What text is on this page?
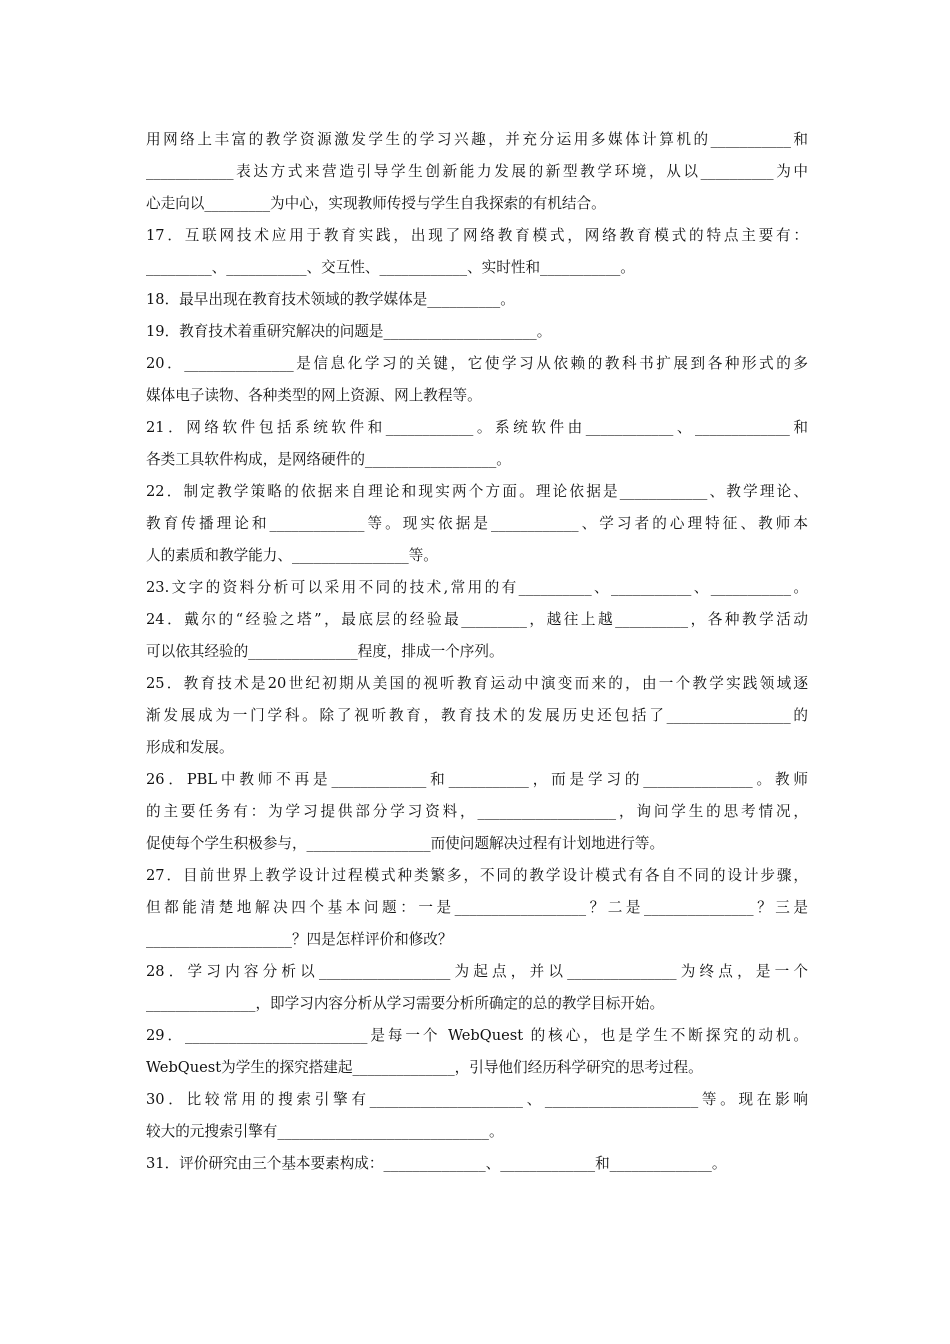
用网络上丰富的教学资源激发学生的学习兴趣，并充分运用多媒体计算机的___________和
____________表达方式来营造引导学生创新能力发展的新型教学环境，从以__________为中
心走向以_________为中心，实现教师传授与学生自我探索的有机结合。
17．互联网技术应用于教育实践，出现了网络教育模式，网络教育模式的特点主要有：
_________、___________、交互性、____________、实时性和___________。
18．最早出现在教育技术领域的教学媒体是__________。
19．教育技术着重研究解决的问题是_____________________。
20．_______________是信息化学习的关键，它使学习从依赖的教科书扩展到各种形式的多
媒体电子读物、各种类型的网上资源、网上教程等。
21．网络软件包括系统软件和____________。系统软件由____________、_____________和
各类工具软件构成，是网络硬件的__________________。
22．制定教学策略的依据来自理论和现实两个方面。理论依据是____________、教学理论、
教育传播理论和_____________等。现实依据是____________、学习者的心理特征、教师本
人的素质和教学能力、________________等。
23.文字的资料分析可以采用不同的技术,常用的有__________、___________、___________。
24．戴尔的“经验之塔”，最底层的经验最_________，越往上越__________，各种教学活动
可以依其经验的_______________程度，排成一个序列。
25．教育技术是20世纪初期从美国的视听教育运动中演变而来的，由一个教学实践领域逐
渐发展成为一门学科。除了视听教育，教育技术的发展历史还包括了_________________的
形成和发展。
26．PBL中教师不再是_____________和___________，而是学习的_______________。教师
的主要任务有：为学习提供部分学习资料，___________________，询问学生的思考情况，
促使每个学生积极参与，_________________而使问题解决过程有计划地进行等。
27．目前世界上教学设计过程模式种类繁多，不同的教学设计模式有各自不同的设计步骤，
但都能清楚地解决四个基本问题：一是__________________？二是_______________？三是
____________________？四是怎样评价和修改？
28．学习内容分析以__________________为起点，并以_______________为终点，是一个
_______________，即学习内容分析从学习需要分析所确定的总的教学目标开始。
29．_________________________是每一个 WebQuest 的核心，也是学生不断探究的动机。
WebQuest为学生的探究搭建起______________，引导他们经历科学研究的思考过程。
30．比较常用的搜索引擎有_____________________、_____________________等。现在影响
较大的元搜索引擎有_____________________________。
31．评价研究由三个基本要素构成：______________、_____________和______________。
